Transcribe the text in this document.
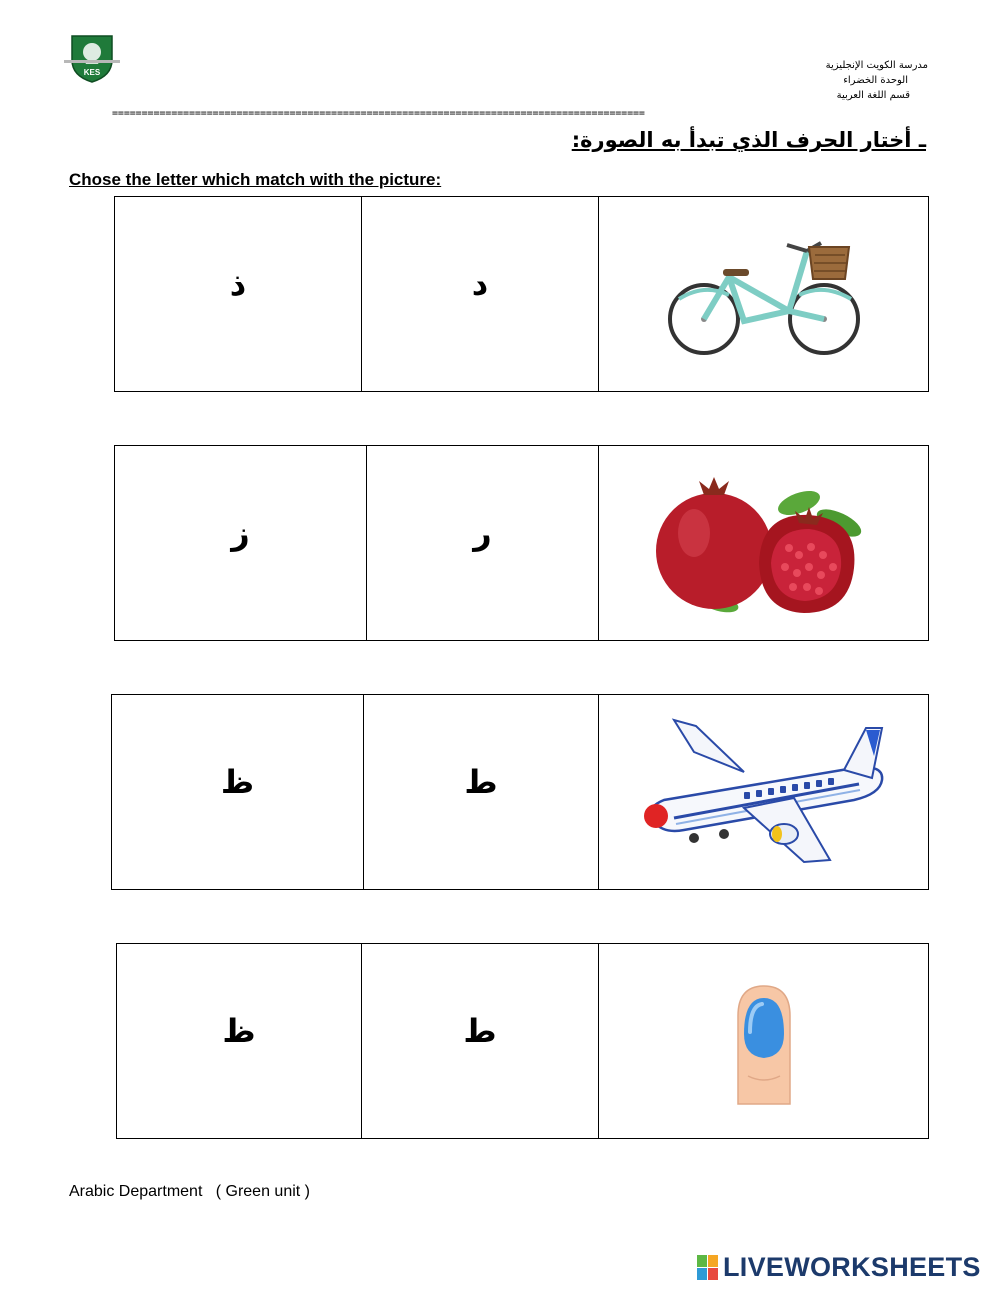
KES
مدرسة الكويت الإنجليزية
الوحدة الخضراء
قسم اللغة العربية
==========================================================================================
ـ أختار الحرف الذي تبدأ به الصورة:
Chose the letter which match with the picture:
ذ	د
ز	ر
ظ	ط
ظ	ط
Arabic Department   ( Green unit )
LIVEWORKSHEETS
